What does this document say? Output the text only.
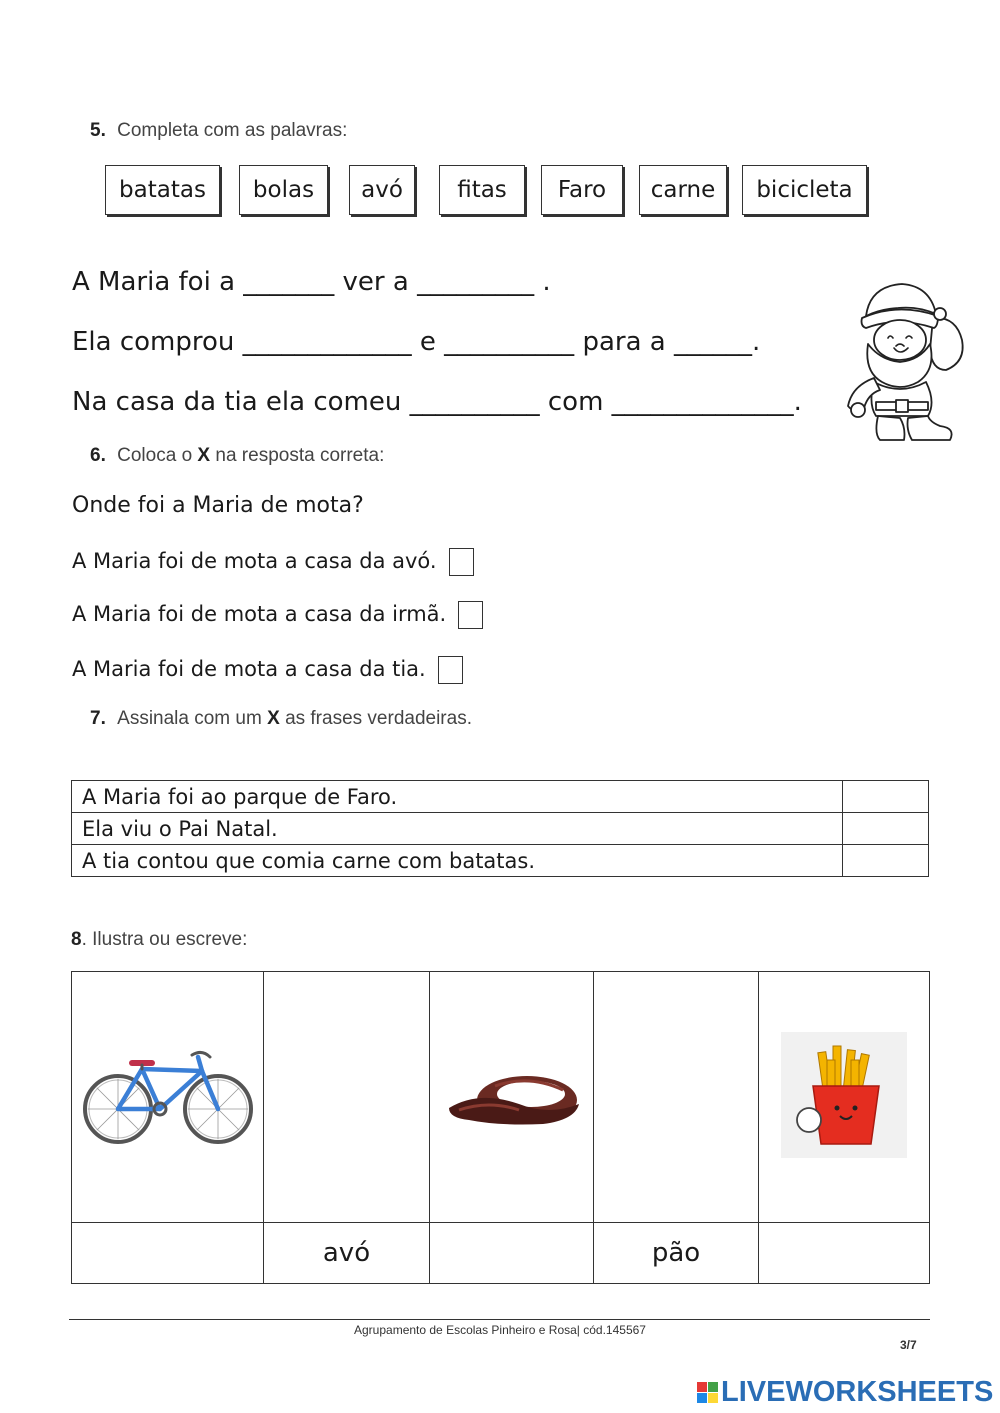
5. Completa com as palavras:
batatas bolas avó fitas Faro carne bicicleta
A Maria foi a _______ ver a _________ .
Ela comprou _____________ e __________ para a ______.
Na casa da tia ela comeu __________ com ______________.
6. Coloca o X na resposta correta:
Onde foi a Maria de mota?
A Maria foi de mota a casa da avó.
A Maria foi de mota a casa da irmã.
A Maria foi de mota a casa da tia.
7. Assinala com um X as frases verdadeiras.
A Maria foi ao parque de Faro.	
Ela viu o Pai Natal.	
A tia contou que comia carne com batatas.	
8. Ilustra ou escreve:

	avó		pão	
Agrupamento de Escolas Pinheiro e Rosa| cód.145567
3/7
LIVEWORKSHEETS
